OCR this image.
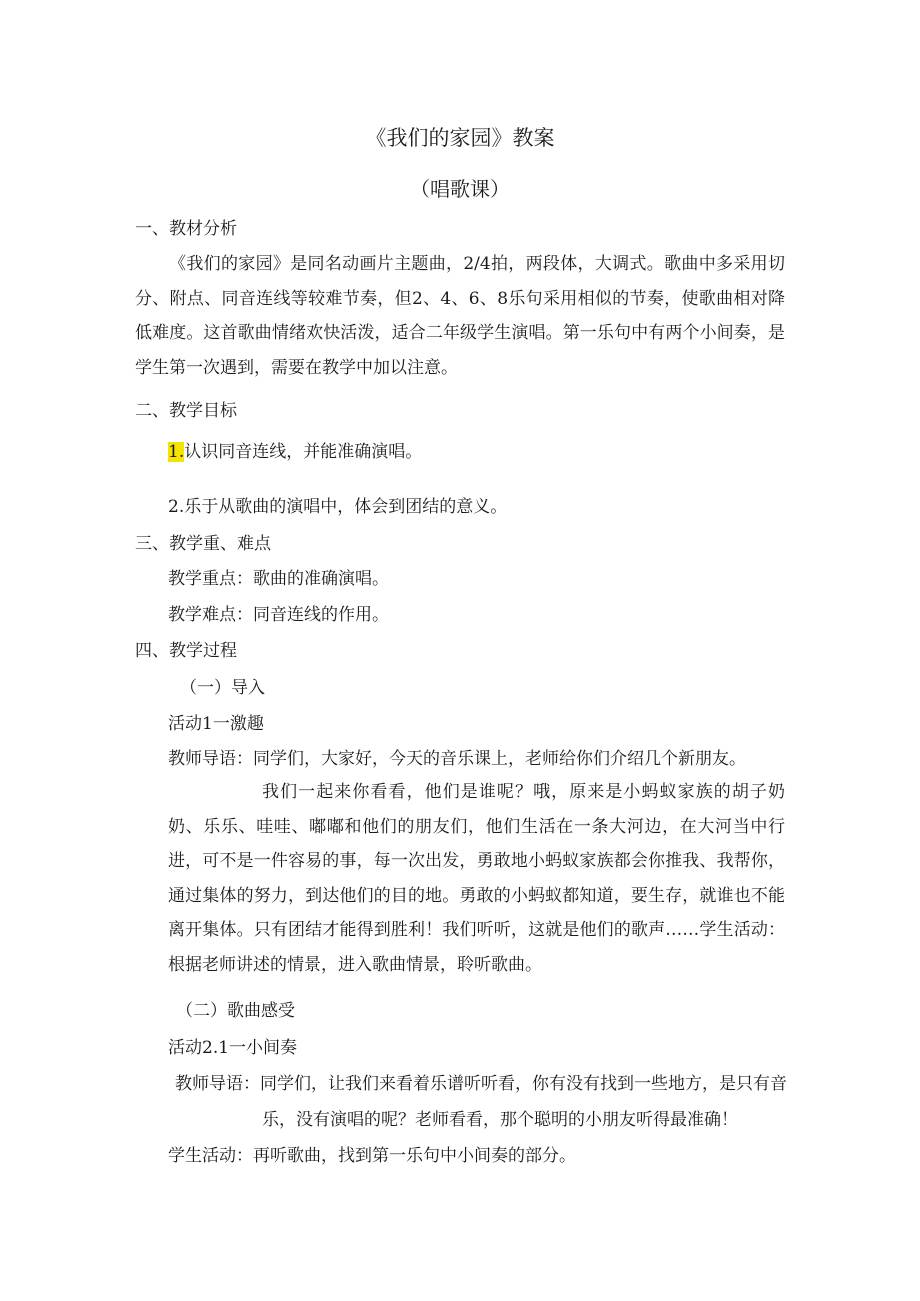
《我们的家园》教案
（唱歌课）
一、教材分析
《我们的家园》是同名动画片主题曲，2/4拍，两段体，大调式。歌曲中多采用切分、附点、同音连线等较难节奏，但2、4、6、8乐句采用相似的节奏，使歌曲相对降低难度。这首歌曲情绪欢快活泼，适合二年级学生演唱。第一乐句中有两个小间奏，是学生第一次遇到，需要在教学中加以注意。
二、教学目标
1.认识同音连线，并能准确演唱。
2.乐于从歌曲的演唱中，体会到团结的意义。
三、教学重、难点
教学重点：歌曲的准确演唱。
教学难点：同音连线的作用。
四、教学过程
（一）导入
活动1一激趣
教师导语：同学们，大家好，今天的音乐课上，老师给你们介绍几个新朋友。
我们一起来你看看，他们是谁呢？哦，原来是小蚂蚁家族的胡子奶奶、乐乐、哇哇、嘟嘟和他们的朋友们，他们生活在一条大河边，在大河当中行进，可不是一件容易的事，每一次出发，勇敢地小蚂蚁家族都会你推我、我帮你，通过集体的努力，到达他们的目的地。勇敢的小蚂蚁都知道，要生存，就谁也不能离开集体。只有团结才能得到胜利！我们听听，这就是他们的歌声……学生活动：根据老师讲述的情景，进入歌曲情景，聆听歌曲。
（二）歌曲感受
活动2.1一小间奏
教师导语：同学们，让我们来看着乐谱听听看，你有没有找到一些地方，是只有音
乐，没有演唱的呢？老师看看，那个聪明的小朋友听得最准确！
学生活动：再听歌曲，找到第一乐句中小间奏的部分。
